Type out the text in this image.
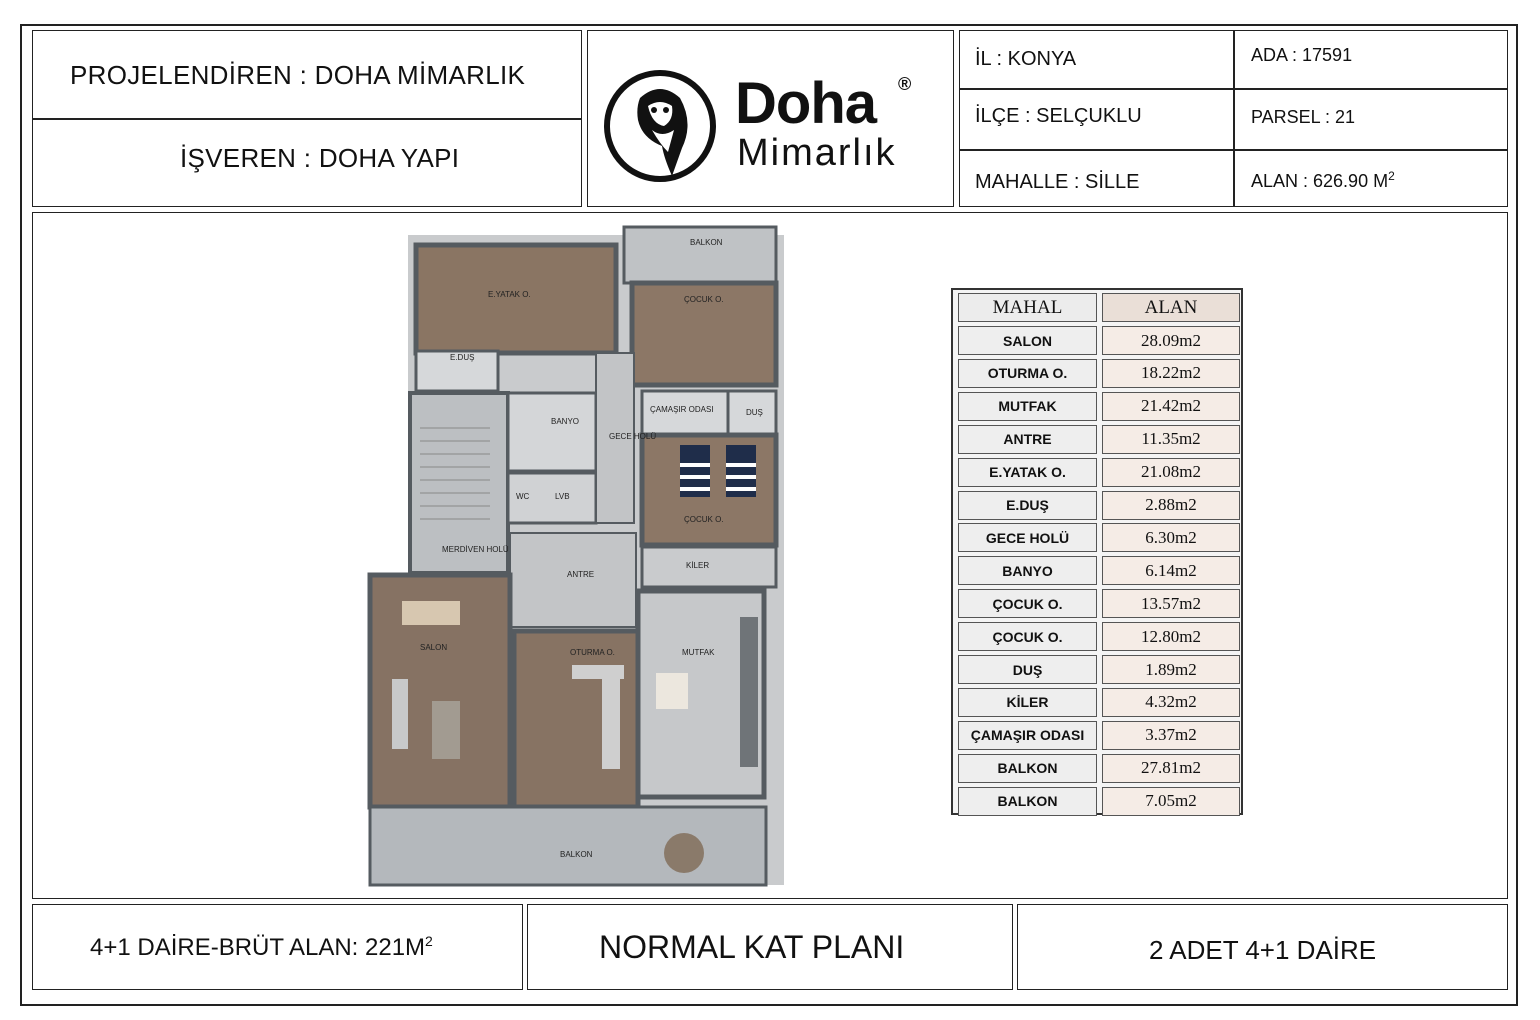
PROJELENDİREN : DOHA MİMARLIK
İŞVEREN : DOHA YAPI
Doha ®
Mimarlık
İL : KONYA
İLÇE : SELÇUKLU
MAHALLE : SİLLE
ADA : 17591
PARSEL : 21
ALAN : 626.90 $M^2$
BALKON
E.YATAK O.
ÇOCUK O.
E.DUŞ
BANYO
ÇAMAŞIR ODASI	DUŞ
GECE HOLÜ
ÇOCUK O.
WC	LVB
MERDİVEN HOLÜ
KİLER
ANTRE
SALON
OTURMA O.	MUTFAK
BALKON
MAHAL	ALAN
SALON	28.09m2
OTURMA O.	18.22m2
MUTFAK	21.42m2
ANTRE	11.35m2
E.YATAK O.	21.08m2
E.DUŞ	2.88m2
GECE HOLÜ	6.30m2
BANYO	6.14m2
ÇOCUK O.	13.57m2
ÇOCUK O.	12.80m2
DUŞ	1.89m2
KİLER	4.32m2
ÇAMAŞIR ODASI	3.37m2
BALKON	27.81m2
BALKON	7.05m2
4+1 DAİRE-BRÜT ALAN: $221M^2$	NORMAL KAT PLANI	2 ADET 4+1 DAİRE
